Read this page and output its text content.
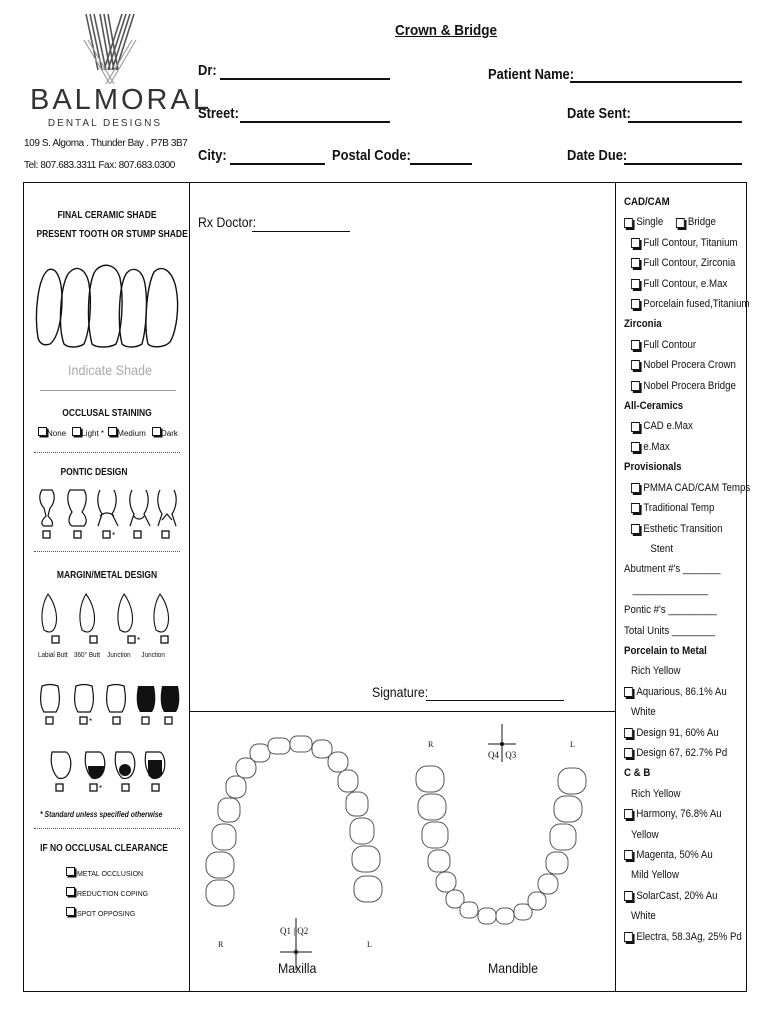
BALMORAL
DENTAL DESIGNS
109 S. Algoma . Thunder Bay . P7B 3B7
Tel: 807.683.3311 Fax: 807.683.0300
Crown & Bridge
Dr:
Street:
City:	Postal Code:
Patient Name:
Date Sent:
Date Due:
FINAL CERAMIC SHADE
PRESENT TOOTH OR STUMP SHADE
Indicate Shade
OCCLUSAL STAINING
None Light * Medium Dark
PONTIC DESIGN
*
MARGIN/METAL DESIGN
*
Labial Butt 360° Butt Junction Junction
*
*
* Standard unless specified otherwise
IF NO OCCLUSAL CLEARANCE
METAL OCCLUSION
REDUCTION COPING
SPOT OPPOSING
Rx Doctor:
Signature:
Q1 | Q2
R	L
Maxilla
Q4 | Q3
R	L
Mandible
CAD/CAM
Single Bridge
Full Contour, Titanium
Full Contour, Zirconia
Full Contour, e.Max
Porcelain fused,Titanium
Zirconia
Full Contour
Nobel Procera Crown
Nobel Procera Bridge
All-Ceramics
CAD e.Max
e.Max
Provisionals
PMMA CAD/CAM Temps
Traditional Temp
Esthetic Transition
Stent
Abutment #'s _______
______________
Pontic #'s _________
Total Units ________
Porcelain to Metal
Rich Yellow
Aquarious, 86.1% Au
White
Design 91, 60% Au
Design 67, 62.7% Pd
C & B
Rich Yellow
Harmony, 76.8% Au
Yellow
Magenta, 50% Au
Mild Yellow
SolarCast, 20% Au
White
Electra, 58.3Ag, 25% Pd
